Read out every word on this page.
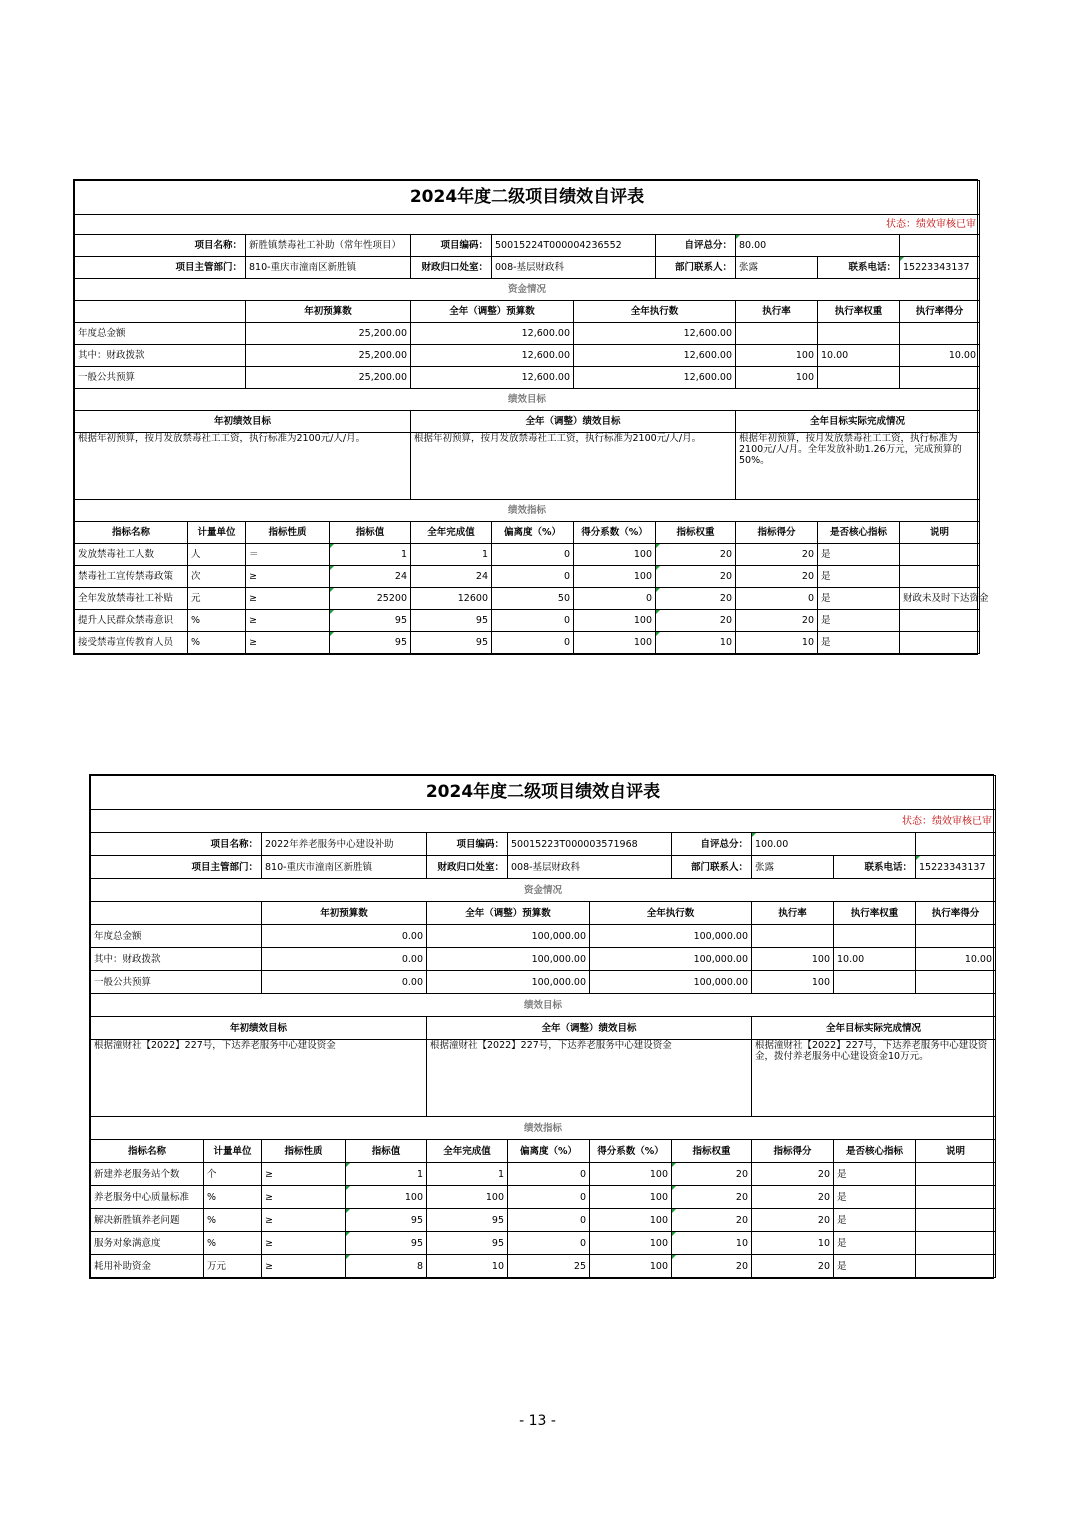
2024年度二级项目绩效自评表										
状态：绩效审核已审										
项目名称：		新胜镇禁毒社工补助（常年性项目）		项目编码：	50015224T000004236552		自评总分：	80.00		
项目主管部门：		810-重庆市潼南区新胜镇		财政归口处室：	008-基层财政科		部门联系人：	张露	联系电话：	15223343137
资金情况										
		年初预算数		全年（调整）预算数		全年执行数		执行率	执行率权重	执行率得分
年度总金额		25,200.00		12,600.00		12,600.00				
其中：财政拨款		25,200.00		12,600.00		12,600.00		100	10.00	10.00
一般公共预算		25,200.00		12,600.00		12,600.00		100		
绩效目标										
年初绩效目标				全年（调整）绩效目标				全年目标实际完成情况		
根据年初预算，按月发放禁毒社工工资，执行标准为2100元/人/月。				根据年初预算，按月发放禁毒社工工资，执行标准为2100元/人/月。				根据年初预算，按月发放禁毒社工工资，执行标准为2100元/人/月。全年发放补助1.26万元，完成预算的50%。		
绩效指标										
指标名称	计量单位	指标性质	指标值	全年完成值	偏离度（%）	得分系数（%）	指标权重	指标得分	是否核心指标	说明
发放禁毒社工人数	人	＝	1	1	0	100	20	20	是	
禁毒社工宣传禁毒政策	次	≥	24	24	0	100	20	20	是	
全年发放禁毒社工补贴	元	≥	25200	12600	50	0	20	0	是	财政未及时下达资金
提升人民群众禁毒意识	%	≥	95	95	0	100	20	20	是	
接受禁毒宣传教育人员	%	≥	95	95	0	100	10	10	是	
2024年度二级项目绩效自评表										
状态：绩效审核已审										
项目名称：		2022年养老服务中心建设补助		项目编码：	50015223T000003571968		自评总分：	100.00		
项目主管部门：		810-重庆市潼南区新胜镇		财政归口处室：	008-基层财政科		部门联系人：	张露	联系电话：	15223343137
资金情况										
		年初预算数		全年（调整）预算数		全年执行数		执行率	执行率权重	执行率得分
年度总金额		0.00		100,000.00		100,000.00				
其中：财政拨款		0.00		100,000.00		100,000.00		100	10.00	10.00
一般公共预算		0.00		100,000.00		100,000.00		100		
绩效目标										
年初绩效目标				全年（调整）绩效目标				全年目标实际完成情况		
根据潼财社【2022】227号，下达养老服务中心建设资金				根据潼财社【2022】227号，下达养老服务中心建设资金				根据潼财社【2022】227号，下达养老服务中心建设资金，拨付养老服务中心建设资金10万元。		
绩效指标										
指标名称	计量单位	指标性质	指标值	全年完成值	偏离度（%）	得分系数（%）	指标权重	指标得分	是否核心指标	说明
新建养老服务站个数	个	≥	1	1	0	100	20	20	是	
养老服务中心质量标准	%	≥	100	100	0	100	20	20	是	
解决新胜镇养老问题	%	≥	95	95	0	100	20	20	是	
服务对象满意度	%	≥	95	95	0	100	10	10	是	
耗用补助资金	万元	≥	8	10	25	100	20	20	是	
- 13 -
